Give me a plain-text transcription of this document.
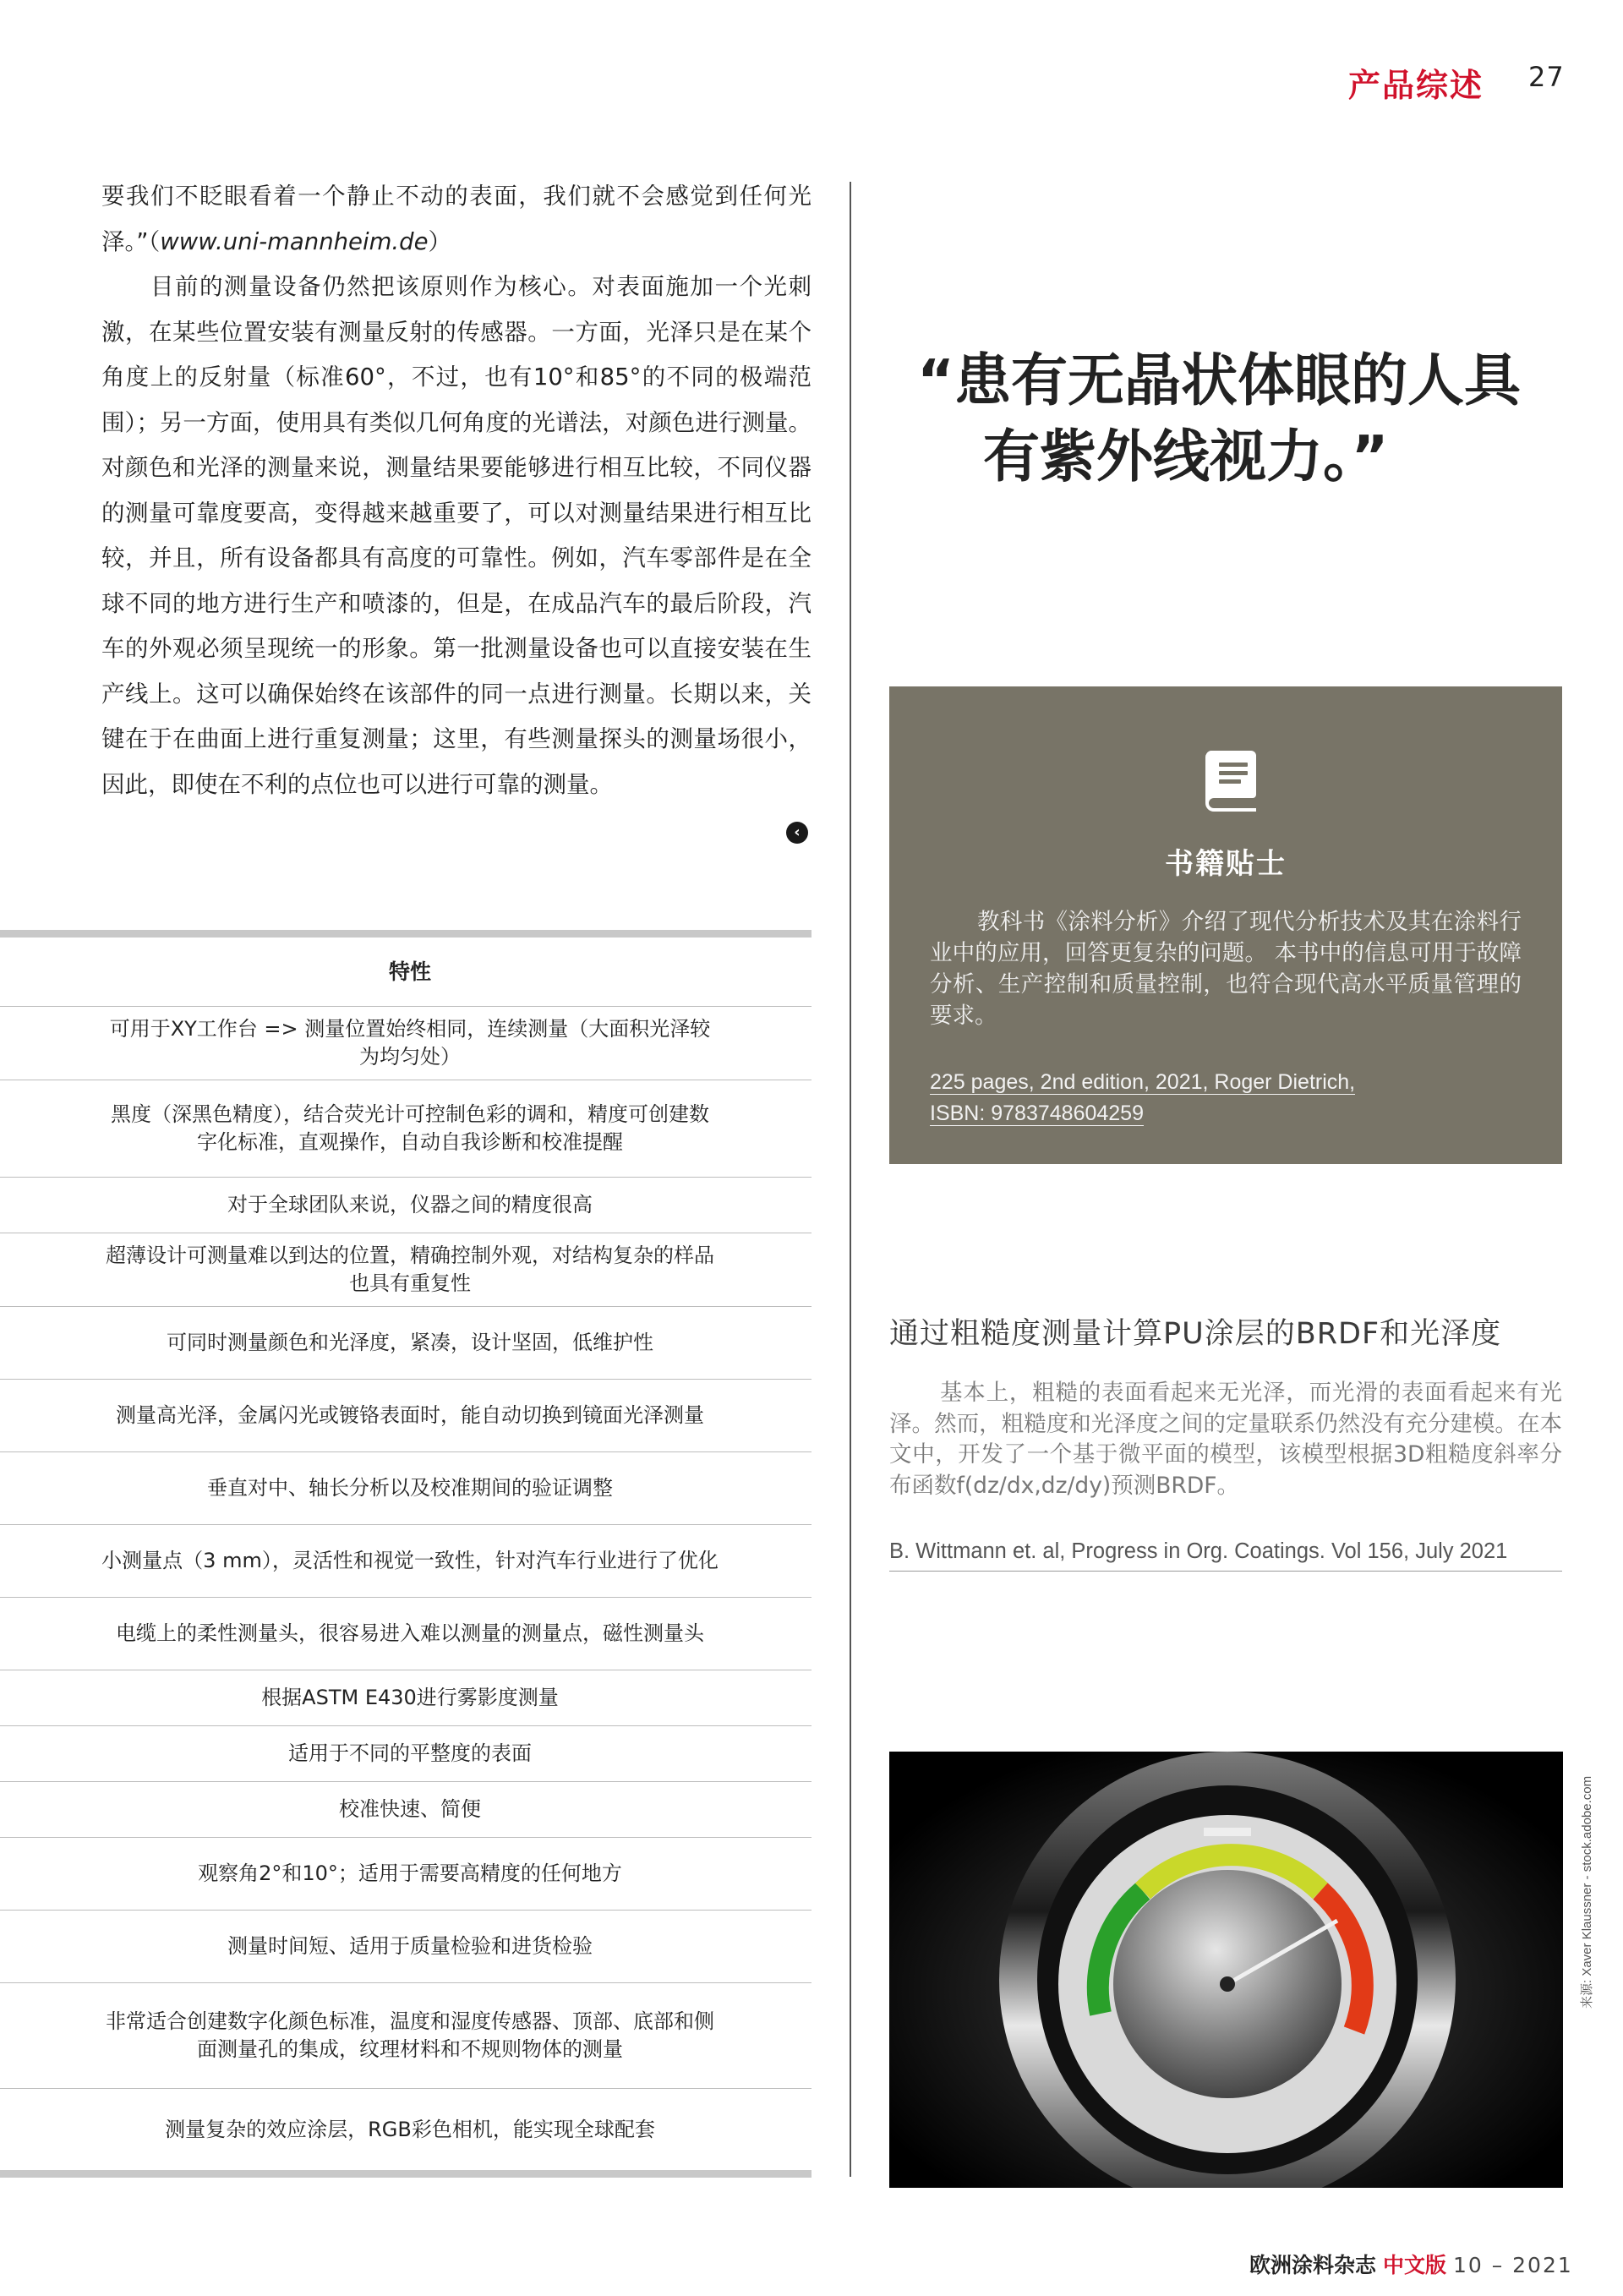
产品综述 27

要我们不眨眼看着一个静止不动的表面，我们就不会感觉到任何光泽。”（www.uni-mannheim.de）

目前的测量设备仍然把该原则作为核心。对表面施加一个光刺激，在某些位置安装有测量反射的传感器。一方面，光泽只是在某个角度上的反射量（标准60°，不过，也有10°和85°的不同的极端范围）；另一方面，使用具有类似几何角度的光谱法，对颜色进行测量。对颜色和光泽的测量来说，测量结果要能够进行相互比较，不同仪器的测量可靠度要高，变得越来越重要了，可以对测量结果进行相互比较，并且，所有设备都具有高度的可靠性。例如，汽车零部件是在全球不同的地方进行生产和喷漆的，但是，在成品汽车的最后阶段，汽车的外观必须呈现统一的形象。第一批测量设备也可以直接安装在生产线上。这可以确保始终在该部件的同一点进行测量。长期以来，关键在于在曲面上进行重复测量；这里，有些测量探头的测量场很小，因此，即使在不利的点位也可以进行可靠的测量。

‹
特性
可用于XY工作台 => 测量位置始终相同，连续测量（大面积光泽较为均匀处）
黑度（深黑色精度），结合荧光计可控制色彩的调和，精度可创建数字化标准，直观操作，自动自我诊断和校准提醒
对于全球团队来说，仪器之间的精度很高
超薄设计可测量难以到达的位置，精确控制外观，对结构复杂的样品也具有重复性
可同时测量颜色和光泽度，紧凑，设计坚固，低维护性
测量高光泽，金属闪光或镀铬表面时，能自动切换到镜面光泽测量
垂直对中、轴长分析以及校准期间的验证调整
小测量点（3 mm），灵活性和视觉一致性，针对汽车行业进行了优化
电缆上的柔性测量头，很容易进入难以测量的测量点，磁性测量头
根据ASTM E430进行雾影度测量
适用于不同的平整度的表面
校准快速、简便
观察角2°和10°；适用于需要高精度的任何地方
测量时间短、适用于质量检验和进货检验
非常适合创建数字化颜色标准，温度和湿度传感器、顶部、底部和侧面测量孔的集成，纹理材料和不规则物体的测量
测量复杂的效应涂层，RGB彩色相机，能实现全球配套
“患有无晶状体眼的人具
有紫外线视力。”
书籍贴士
教科书《涂料分析》介绍了现代分析技术及其在涂料行业中的应用，回答更复杂的问题。 本书中的信息可用于故障分析、生产控制和质量控制，也符合现代高水平质量管理的要求。
225 pages, 2nd edition, 2021, Roger Dietrich,
ISBN: 9783748604259
通过粗糙度测量计算PU涂层的BRDF和光泽度
基本上，粗糙的表面看起来无光泽，而光滑的表面看起来有光泽。然而，粗糙度和光泽度之间的定量联系仍然没有充分建模。在本文中，开发了一个基于微平面的模型，该模型根据3D粗糙度斜率分布函数f(dz/dx,dz/dy)预测BRDF。
B. Wittmann et. al, Progress in Org. Coatings. Vol 156, July 2021
来源: Xaver Klaussner - stock.adobe.com
欧洲涂料杂志 中文版 10 – 2021
